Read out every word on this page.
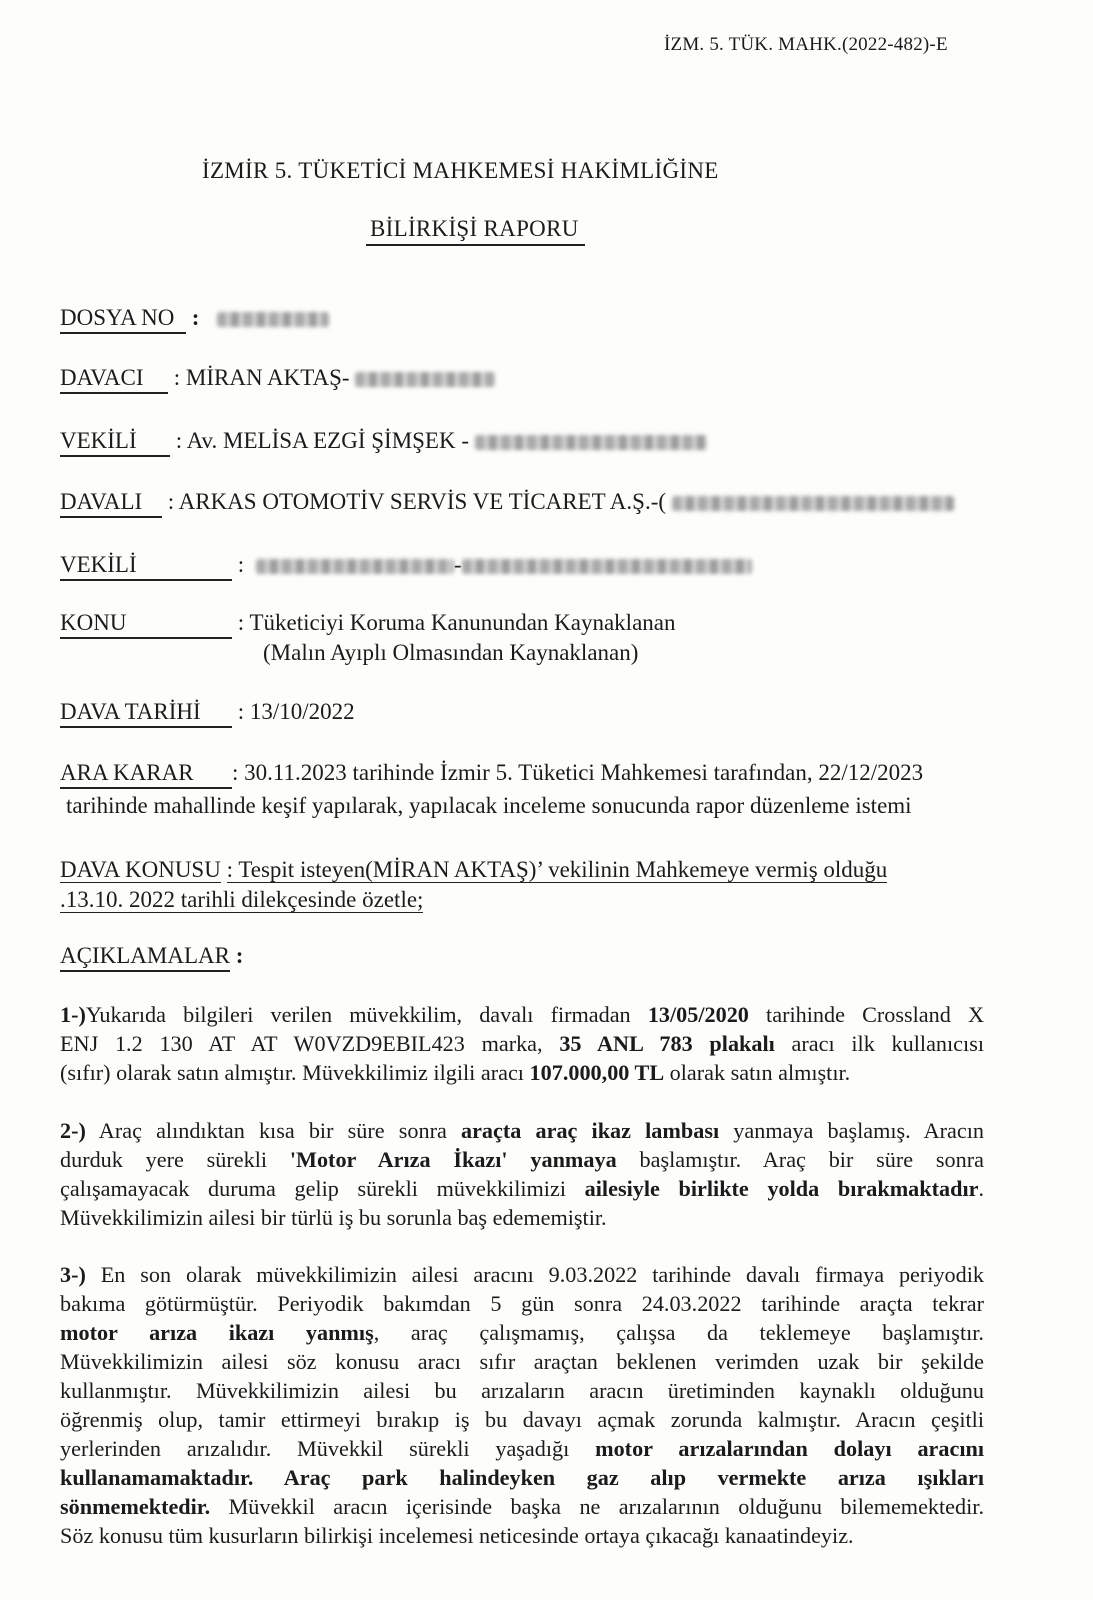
İZM. 5. TÜK. MAHK.(2022-482)-E
İZMİR 5. TÜKETİCİ MAHKEMESİ HAKİMLİĞİNE
BİLİRKİŞİ RAPORU
DOSYA NO :
DAVACI : MİRAN AKTAŞ-
VEKİLİ : Av. MELİSA EZGİ ŞİMŞEK -
DAVALI : ARKAS OTOMOTİV SERVİS VE TİCARET A.Ş.-(
VEKİLİ	:	-
KONU	: Tüketiciyi Koruma Kanunundan Kaynaklanan
(Malın Ayıplı Olmasından Kaynaklanan)
DAVA TARİHİ : 13/10/2022
ARA KARAR : 30.11.2023 tarihinde İzmir 5. Tüketici Mahkemesi tarafından, 22/12/2023
tarihinde mahallinde keşif yapılarak, yapılacak inceleme sonucunda rapor düzenleme istemi
DAVA KONUSU : Tespit isteyen(MİRAN AKTAŞ)’ vekilinin Mahkemeye vermiş olduğu
.13.10. 2022 tarihli dilekçesinde özetle;
AÇIKLAMALAR :
1-)Yukarıda bilgileri verilen müvekkilim, davalı firmadan 13/05/2020 tarihinde Crossland X
ENJ 1.2 130 AT AT W0VZD9EBIL423 marka, 35 ANL 783 plakalı aracı ilk kullanıcısı
(sıfır) olarak satın almıştır. Müvekkilimiz ilgili aracı 107.000,00 TL olarak satın almıştır.
2-) Araç alındıktan kısa bir süre sonra araçta araç ikaz lambası yanmaya başlamış. Aracın
durduk yere sürekli 'Motor Arıza İkazı' yanmaya başlamıştır. Araç bir süre sonra
çalışamayacak duruma gelip sürekli müvekkilimizi ailesiyle birlikte yolda bırakmaktadır.
Müvekkilimizin ailesi bir türlü iş bu sorunla baş edememiştir.
3-) En son olarak müvekkilimizin ailesi aracını 9.03.2022 tarihinde davalı firmaya periyodik
bakıma götürmüştür. Periyodik bakımdan 5 gün sonra 24.03.2022 tarihinde araçta tekrar
motor arıza ikazı yanmış, araç çalışmamış, çalışsa da teklemeye başlamıştır.
Müvekkilimizin ailesi söz konusu aracı sıfır araçtan beklenen verimden uzak bir şekilde
kullanmıştır. Müvekkilimizin ailesi bu arızaların aracın üretiminden kaynaklı olduğunu
öğrenmiş olup, tamir ettirmeyi bırakıp iş bu davayı açmak zorunda kalmıştır. Aracın çeşitli
yerlerinden arızalıdır. Müvekkil sürekli yaşadığı motor arızalarından dolayı aracını
kullanamamaktadır. Araç park halindeyken gaz alıp vermekte arıza ışıkları
sönmemektedir. Müvekkil aracın içerisinde başka ne arızalarının olduğunu bilememektedir.
Söz konusu tüm kusurların bilirkişi incelemesi neticesinde ortaya çıkacağı kanaatindeyiz.
